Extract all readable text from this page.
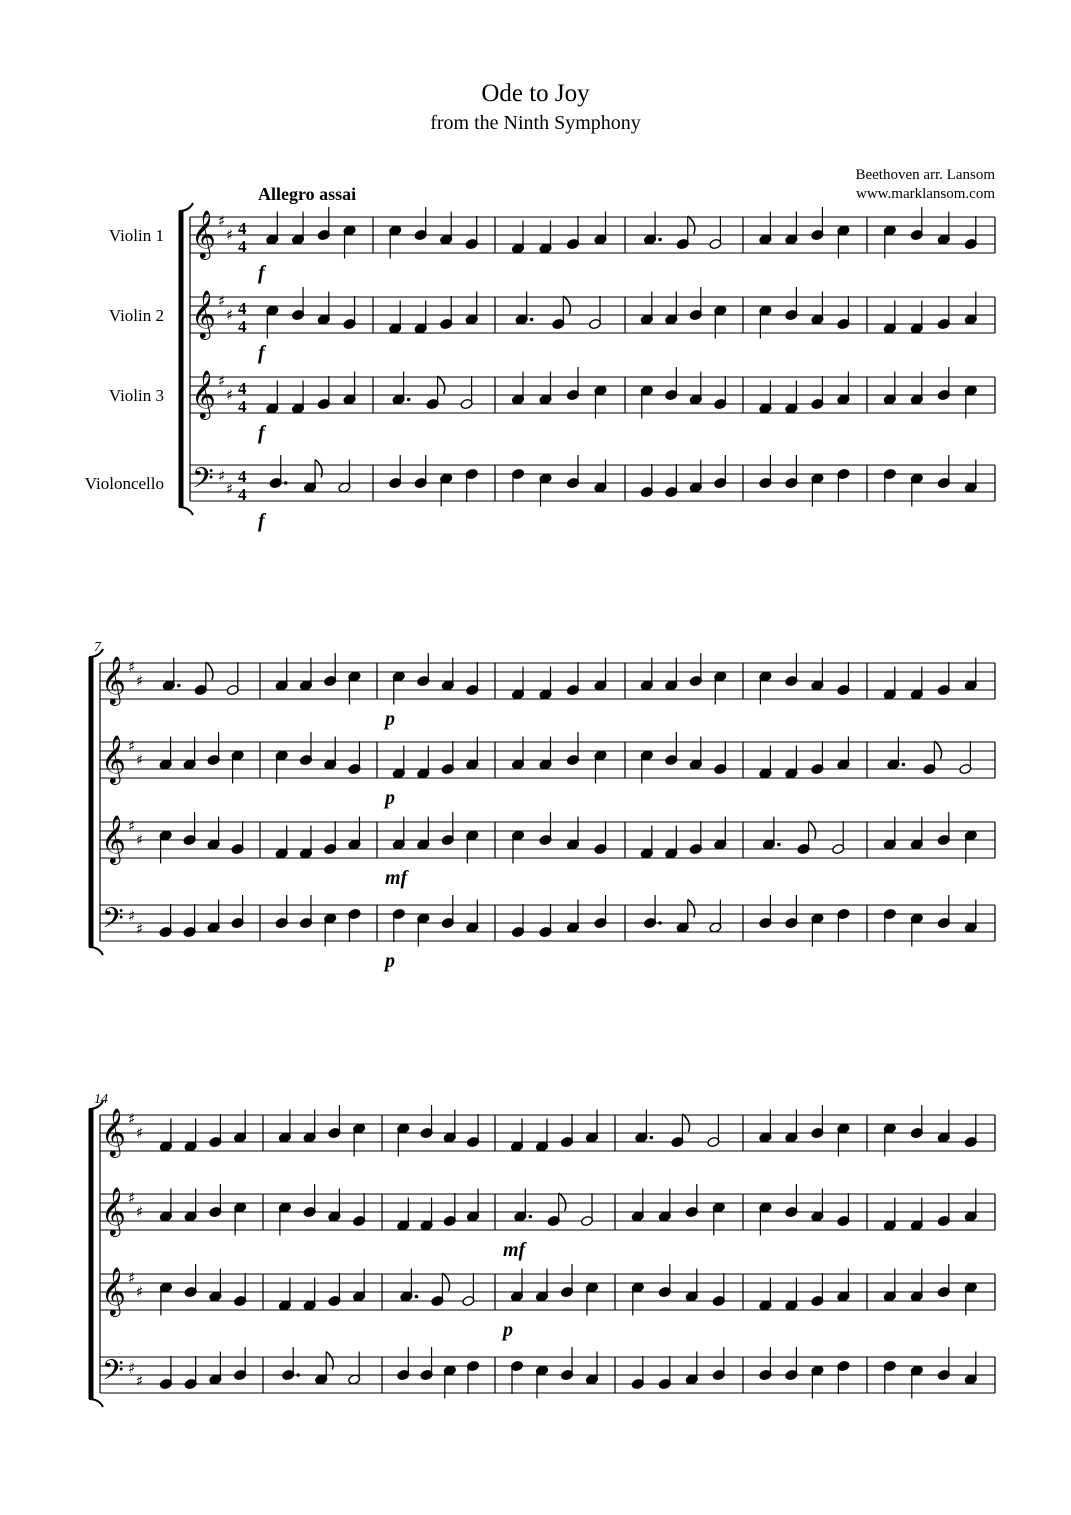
Ode to Joy
from the Ninth Symphony
Beethoven arr. Lansom
www.marklansom.com
Allegro assai
𝄞 ♯
♯ 4
4
f
Violin 1
𝄞 ♯
♯ 4
4
f
Violin 2
𝄞 ♯
♯ 4
4
f
Violin 3
𝄢 ♯
♯
4
4
f
Violoncello
7
𝄞 ♯
♯
p
𝄞 ♯
♯
p
𝄞 ♯
♯
mf
𝄢 ♯
♯
p
14
𝄞 ♯
♯
𝄞 ♯
♯
mf
𝄞 ♯
♯
p
𝄢 ♯
♯
